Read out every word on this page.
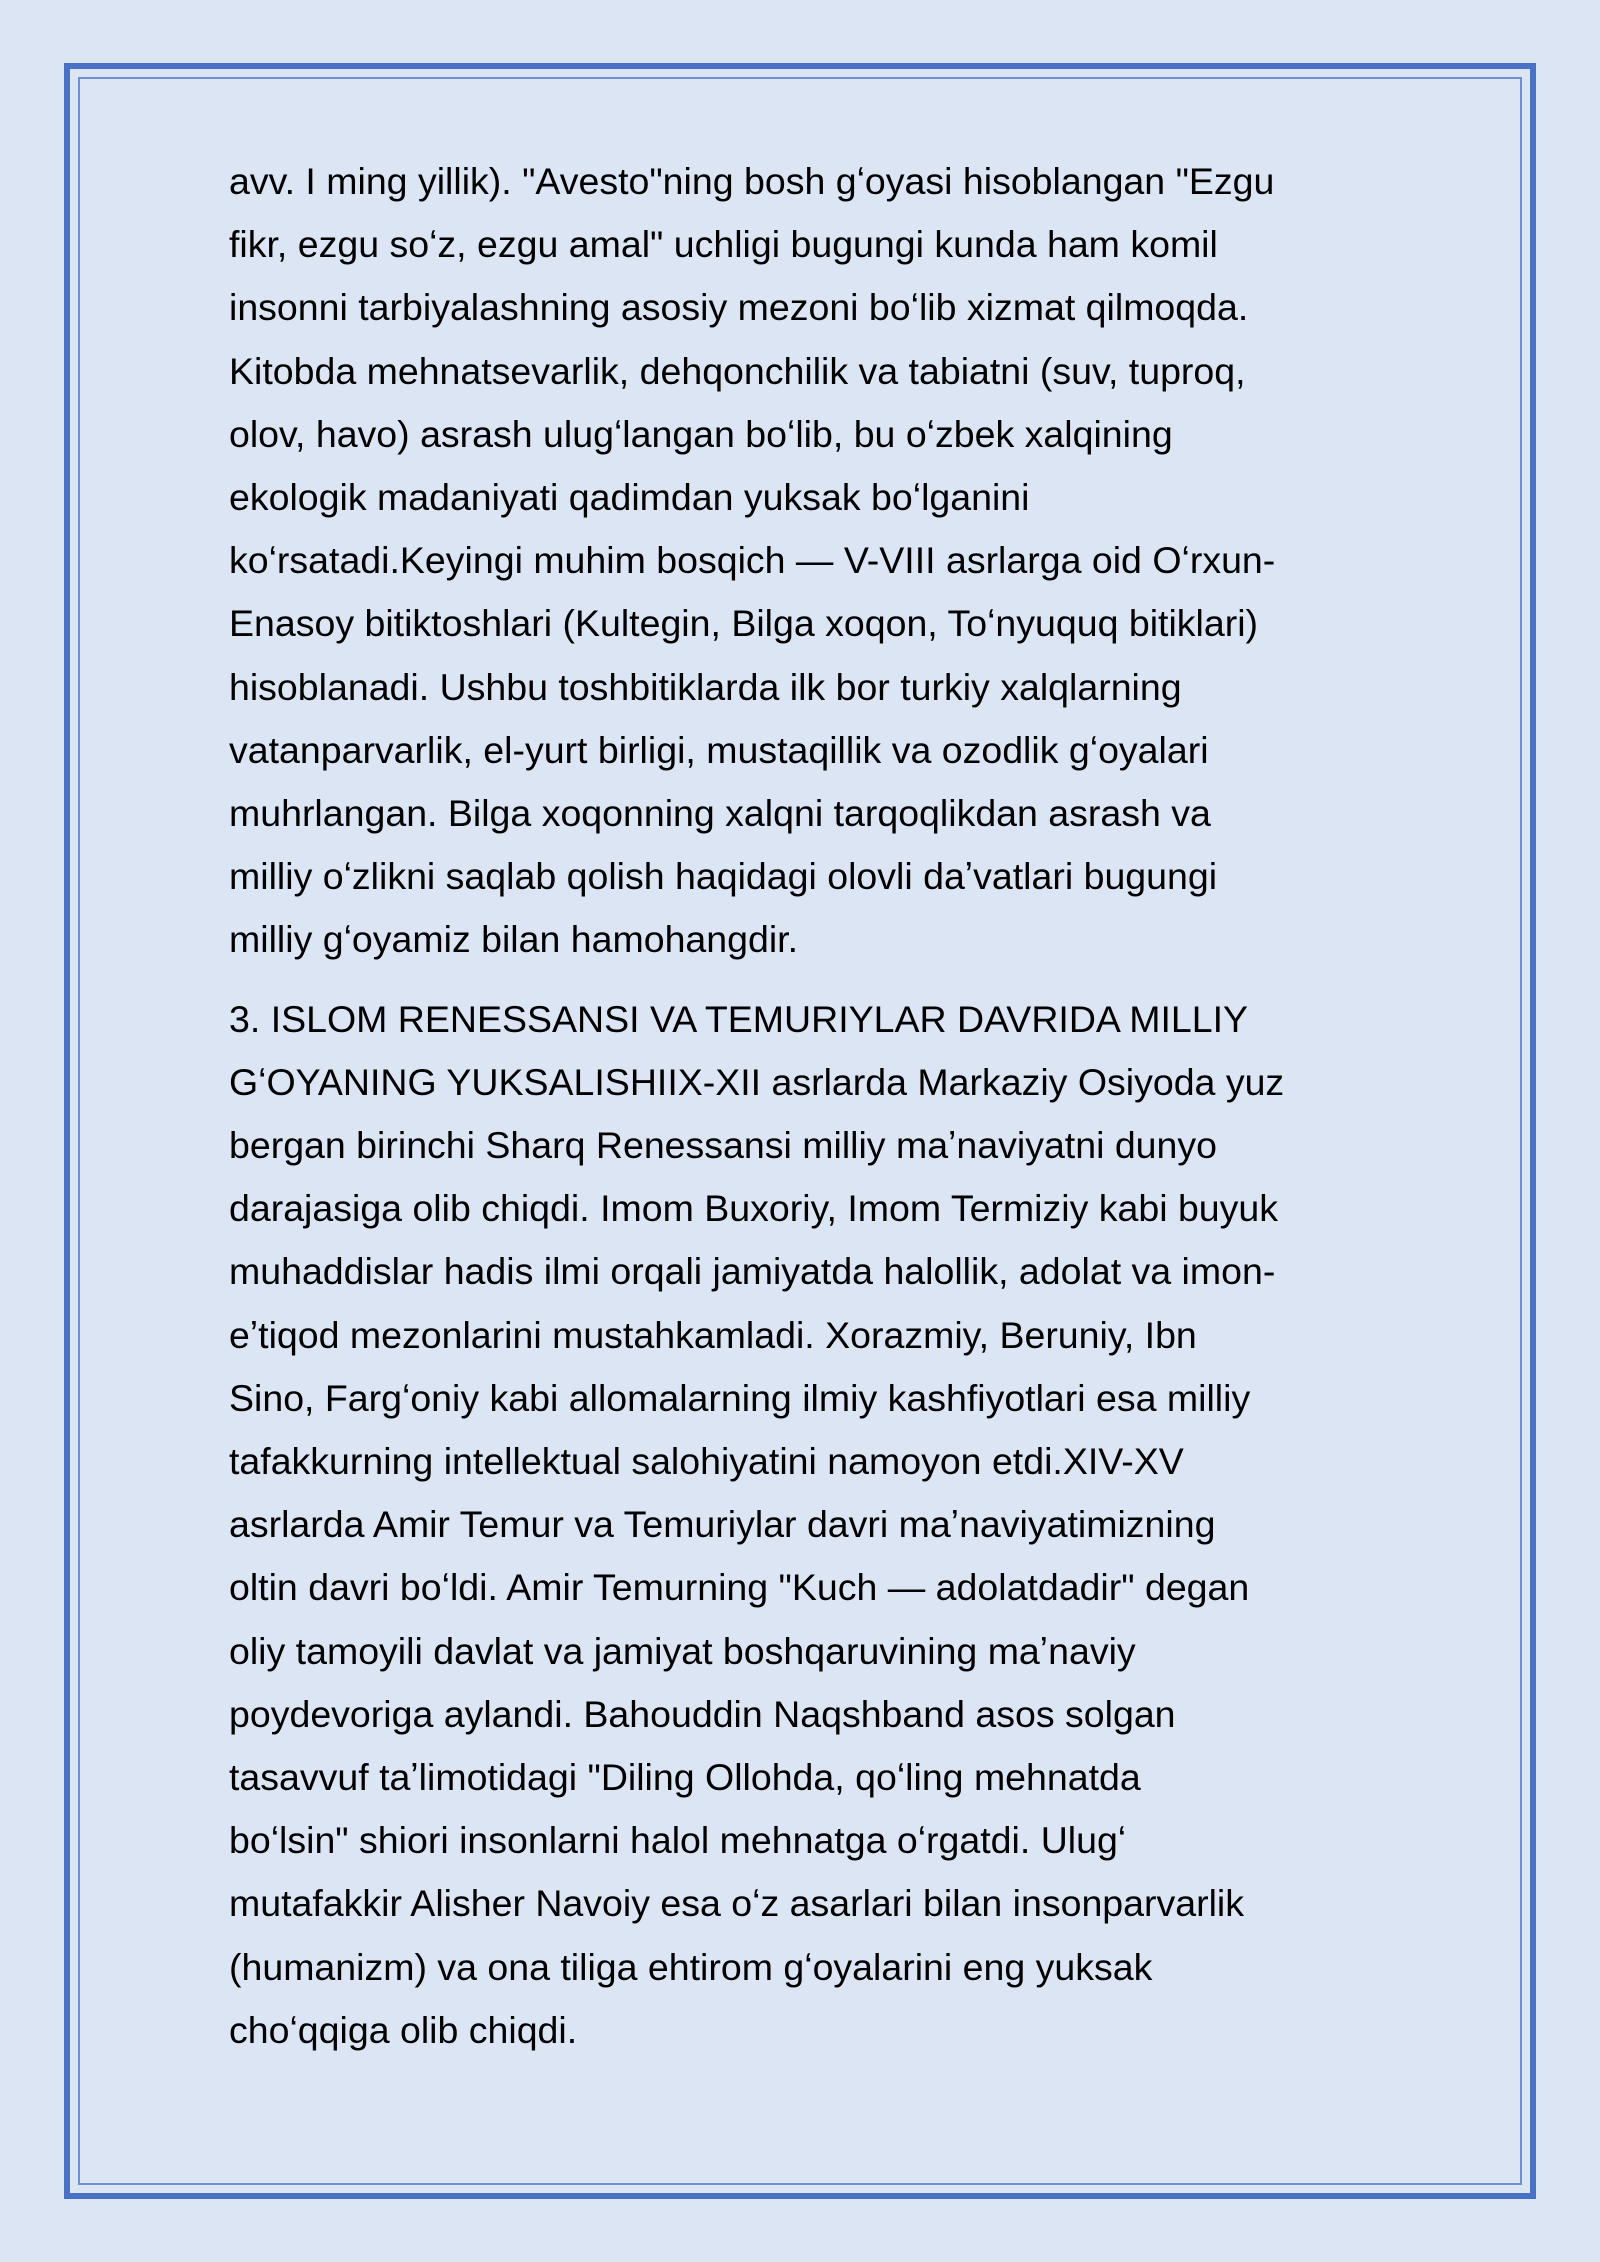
avv. I ming yillik). "Avesto"ning bosh gʻoyasi hisoblangan "Ezgu
fikr, ezgu soʻz, ezgu amal" uchligi bugungi kunda ham komil
insonni tarbiyalashning asosiy mezoni boʻlib xizmat qilmoqda.
Kitobda mehnatsevarlik, dehqonchilik va tabiatni (suv, tuproq,
olov, havo) asrash ulugʻlangan boʻlib, bu oʻzbek xalqining
ekologik madaniyati qadimdan yuksak boʻlganini
koʻrsatadi.Keyingi muhim bosqich — V-VIII asrlarga oid Oʻrxun-
Enasoy bitiktoshlari (Kultegin, Bilga xoqon, Toʻnyuquq bitiklari)
hisoblanadi. Ushbu toshbitiklarda ilk bor turkiy xalqlarning
vatanparvarlik, el-yurt birligi, mustaqillik va ozodlik gʻoyalari
muhrlangan. Bilga xoqonning xalqni tarqoqlikdan asrash va
milliy oʻzlikni saqlab qolish haqidagi olovli daʼvatlari bugungi
milliy gʻoyamiz bilan hamohangdir.

3. ISLOM RENESSANSI VA TEMURIYLAR DAVRIDA MILLIY
GʻOYANING YUKSALISHIIX-XII asrlarda Markaziy Osiyoda yuz
bergan birinchi Sharq Renessansi milliy maʼnaviyatni dunyo
darajasiga olib chiqdi. Imom Buxoriy, Imom Termiziy kabi buyuk
muhaddislar hadis ilmi orqali jamiyatda halollik, adolat va imon-
eʼtiqod mezonlarini mustahkamladi. Xorazmiy, Beruniy, Ibn
Sino, Fargʻoniy kabi allomalarning ilmiy kashfiyotlari esa milliy
tafakkurning intellektual salohiyatini namoyon etdi.XIV-XV
asrlarda Amir Temur va Temuriylar davri maʼnaviyatimizning
oltin davri boʻldi. Amir Temurning "Kuch — adolatdadir" degan
oliy tamoyili davlat va jamiyat boshqaruvining maʼnaviy
poydevoriga aylandi. Bahouddin Naqshband asos solgan
tasavvuf taʼlimotidagi "Diling Ollohda, qoʻling mehnatda
boʻlsin" shiori insonlarni halol mehnatga oʻrgatdi. Ulugʻ
mutafakkir Alisher Navoiy esa oʻz asarlari bilan insonparvarlik
(humanizm) va ona tiliga ehtirom gʻoyalarini eng yuksak
choʻqqiga olib chiqdi.
